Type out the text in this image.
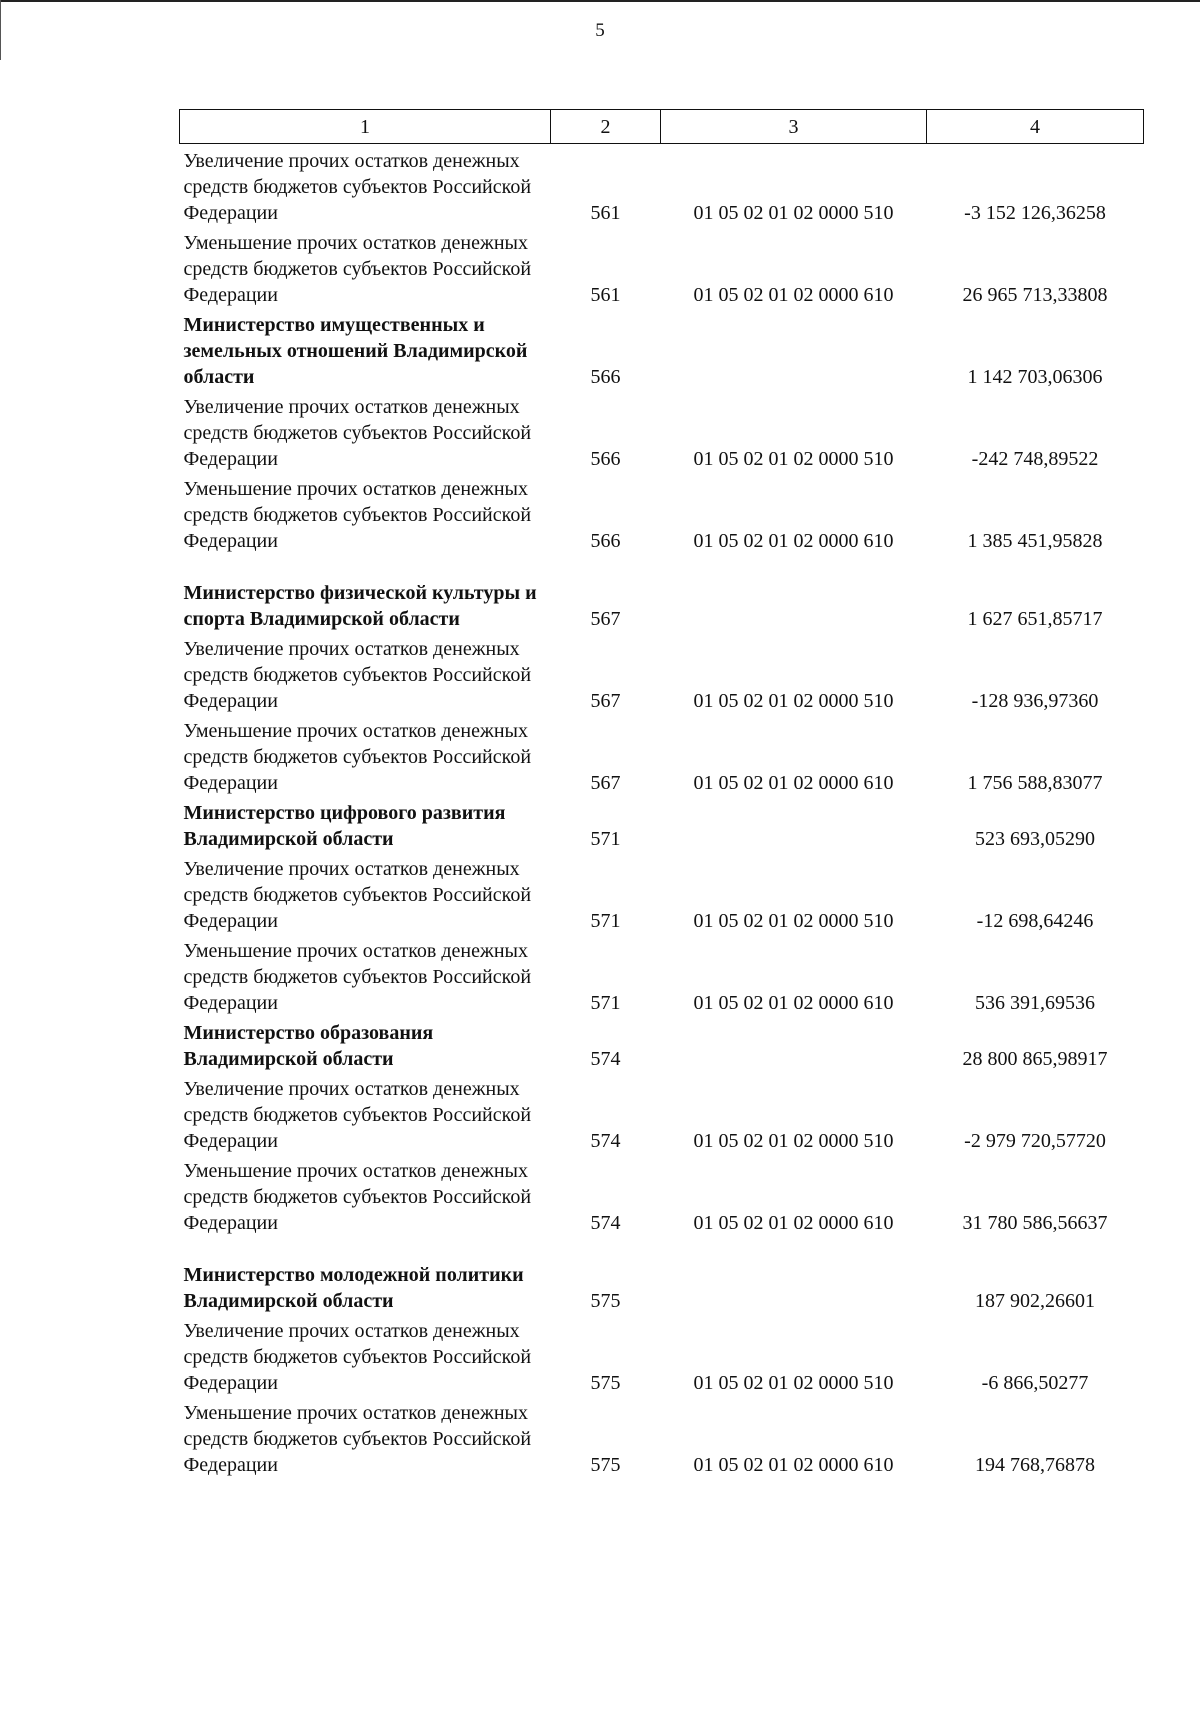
5
1	2	3	4
Увеличение прочих остатков денежных средств бюджетов субъектов Российской Федерации	561	01 05 02 01 02 0000 510	-3 152 126,36258
Уменьшение прочих остатков денежных средств бюджетов субъектов Российской Федерации	561	01 05 02 01 02 0000 610	26 965 713,33808
Министерство имущественных и земельных отношений Владимирской области	566		1 142 703,06306
Увеличение прочих остатков денежных средств бюджетов субъектов Российской Федерации	566	01 05 02 01 02 0000 510	-242 748,89522
Уменьшение прочих остатков денежных средств бюджетов субъектов Российской Федерации	566	01 05 02 01 02 0000 610	1 385 451,95828
Министерство физической культуры и спорта Владимирской области	567		1 627 651,85717
Увеличение прочих остатков денежных средств бюджетов субъектов Российской Федерации	567	01 05 02 01 02 0000 510	-128 936,97360
Уменьшение прочих остатков денежных средств бюджетов субъектов Российской Федерации	567	01 05 02 01 02 0000 610	1 756 588,83077
Министерство цифрового развития Владимирской области	571		523 693,05290
Увеличение прочих остатков денежных средств бюджетов субъектов Российской Федерации	571	01 05 02 01 02 0000 510	-12 698,64246
Уменьшение прочих остатков денежных средств бюджетов субъектов Российской Федерации	571	01 05 02 01 02 0000 610	536 391,69536
Министерство образования Владимирской области	574		28 800 865,98917
Увеличение прочих остатков денежных средств бюджетов субъектов Российской Федерации	574	01 05 02 01 02 0000 510	-2 979 720,57720
Уменьшение прочих остатков денежных средств бюджетов субъектов Российской Федерации	574	01 05 02 01 02 0000 610	31 780 586,56637
Министерство молодежной политики Владимирской области	575		187 902,26601
Увеличение прочих остатков денежных средств бюджетов субъектов Российской Федерации	575	01 05 02 01 02 0000 510	-6 866,50277
Уменьшение прочих остатков денежных средств бюджетов субъектов Российской Федерации	575	01 05 02 01 02 0000 610	194 768,76878
